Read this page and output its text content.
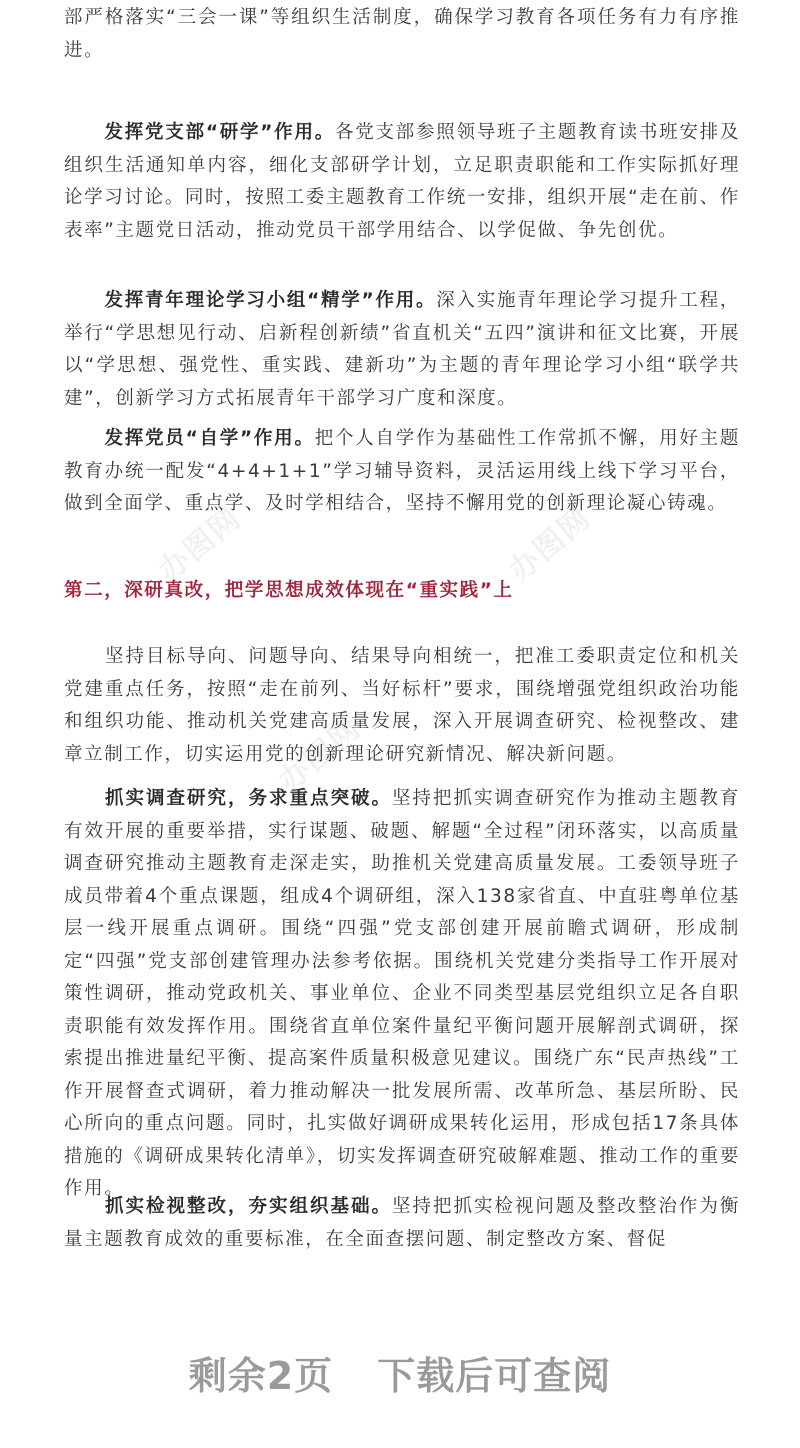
部严格落实“三会一课”等组织生活制度，确保学习教育各项任务有力有序推进。

　　发挥党支部“研学”作用。各党支部参照领导班子主题教育读书班安排及组织生活通知单内容，细化支部研学计划，立足职责职能和工作实际抓好理论学习讨论。同时，按照工委主题教育工作统一安排，组织开展“走在前、作表率”主题党日活动，推动党员干部学用结合、以学促做、争先创优。

　　发挥青年理论学习小组“精学”作用。深入实施青年理论学习提升工程，举行“学思想见行动、启新程创新绩”省直机关“五四”演讲和征文比赛，开展以“学思想、强党性、重实践、建新功”为主题的青年理论学习小组“联学共建”，创新学习方式拓展青年干部学习广度和深度。

　　发挥党员“自学”作用。把个人自学作为基础性工作常抓不懈，用好主题教育办统一配发“4+4+1+1”学习辅导资料，灵活运用线上线下学习平台，做到全面学、重点学、及时学相结合，坚持不懈用党的创新理论凝心铸魂。

第二，深研真改，把学思想成效体现在“重实践”上

　　坚持目标导向、问题导向、结果导向相统一，把准工委职责定位和机关党建重点任务，按照“走在前列、当好标杆”要求，围绕增强党组织政治功能和组织功能、推动机关党建高质量发展，深入开展调查研究、检视整改、建章立制工作，切实运用党的创新理论研究新情况、解决新问题。

　　抓实调查研究，务求重点突破。坚持把抓实调查研究作为推动主题教育有效开展的重要举措，实行谋题、破题、解题“全过程”闭环落实，以高质量调查研究推动主题教育走深走实，助推机关党建高质量发展。工委领导班子成员带着4个重点课题，组成4个调研组，深入138家省直、中直驻粤单位基层一线开展重点调研。围绕“四强”党支部创建开展前瞻式调研，形成制定“四强”党支部创建管理办法参考依据。围绕机关党建分类指导工作开展对策性调研，推动党政机关、事业单位、企业不同类型基层党组织立足各自职责职能有效发挥作用。围绕省直单位案件量纪平衡问题开展解剖式调研，探索提出推进量纪平衡、提高案件质量积极意见建议。围绕广东“民声热线”工作开展督查式调研，着力推动解决一批发展所需、改革所急、基层所盼、民心所向的重点问题。同时，扎实做好调研成果转化运用，形成包括17条具体措施的《调研成果转化清单》，切实发挥调查研究破解难题、推动工作的重要作用。

　　抓实检视整改，夯实组织基础。坚持把抓实检视问题及整改整治作为衡量主题教育成效的重要标准，在全面查摆问题、制定整改方案、督促

办图网	办图网
办图网
剩余2页 下载后可查阅
